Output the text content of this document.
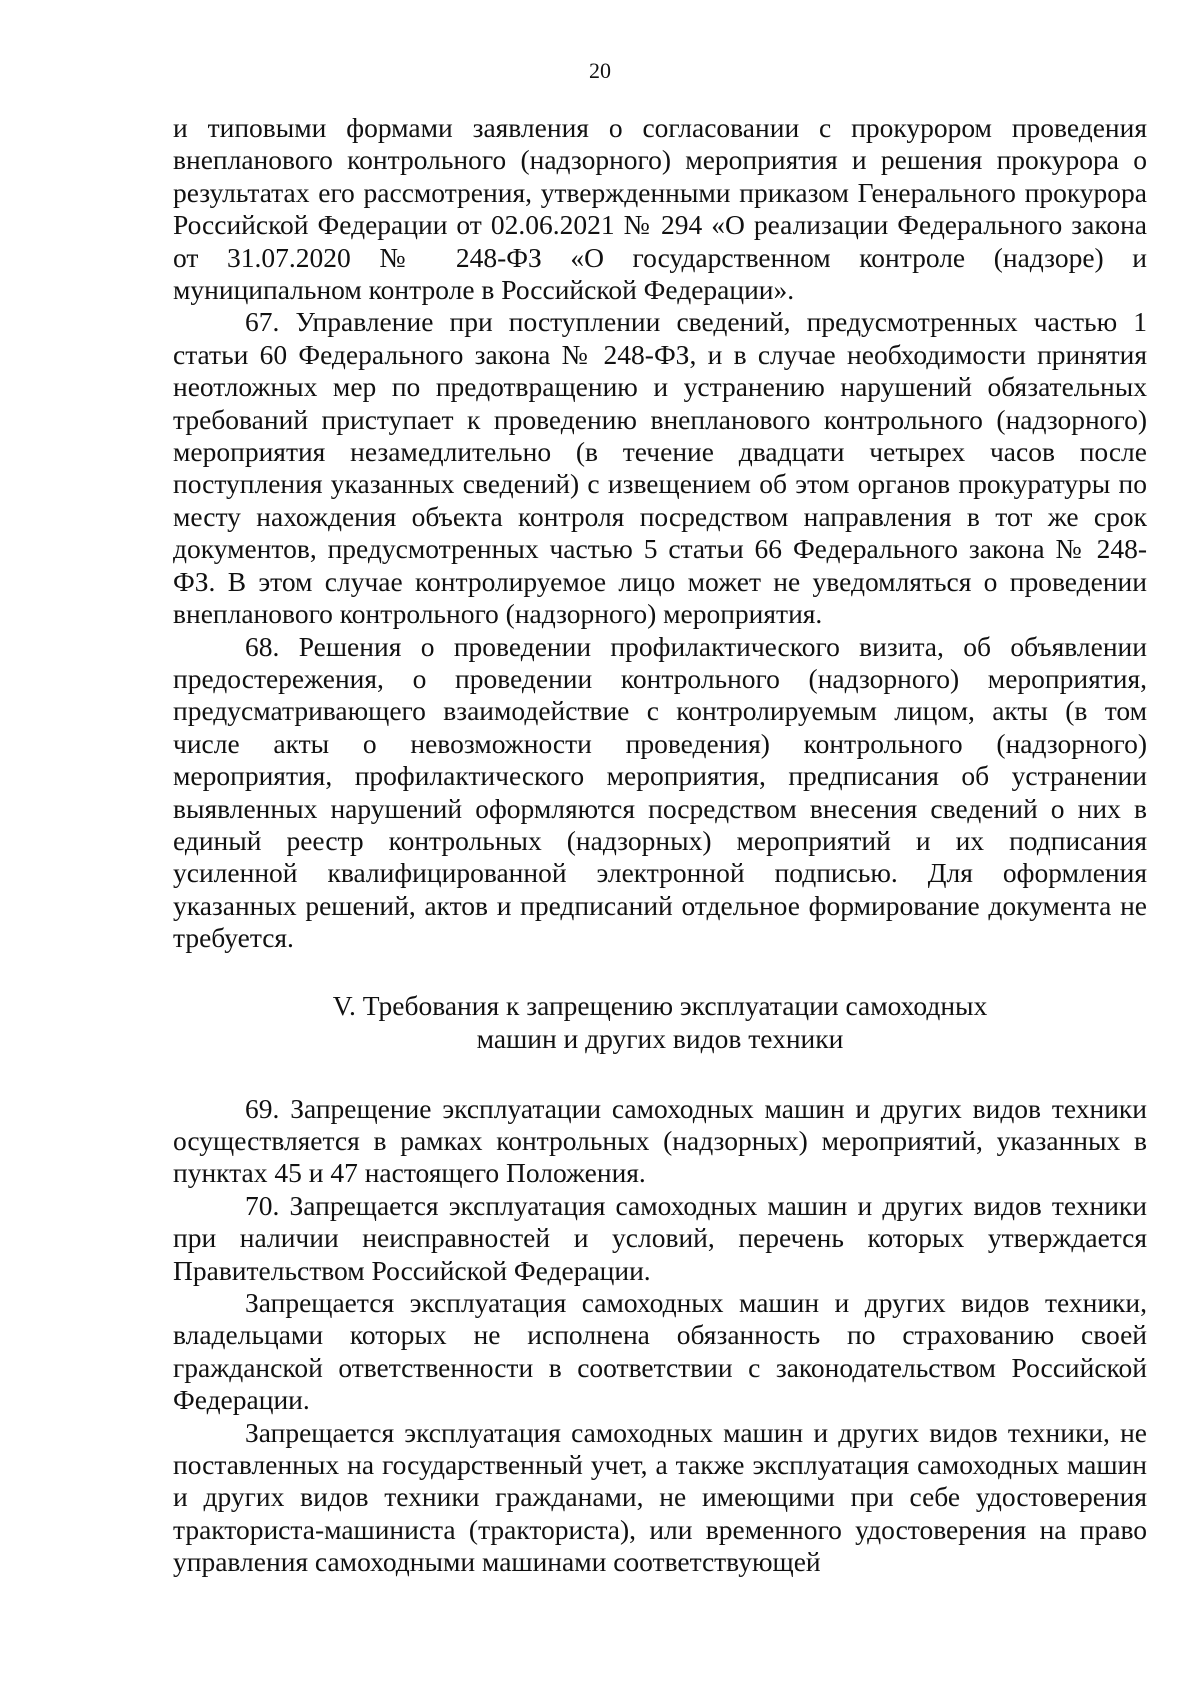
20

и типовыми формами заявления о согласовании с прокурором проведения внепланового контрольного (надзорного) мероприятия и решения прокурора о результатах его рассмотрения, утвержденными приказом Генерального прокурора Российской Федерации от 02.06.2021 № 294 «О реализации Федерального закона от 31.07.2020 № 248-ФЗ «О государственном контроле (надзоре) и муниципальном контроле в Российской Федерации».

67. Управление при поступлении сведений, предусмотренных частью 1 статьи 60 Федерального закона № 248-ФЗ, и в случае необходимости принятия неотложных мер по предотвращению и устранению нарушений обязательных требований приступает к проведению внепланового контрольного (надзорного) мероприятия незамедлительно (в течение двадцати четырех часов после поступления указанных сведений) с извещением об этом органов прокуратуры по месту нахождения объекта контроля посредством направления в тот же срок документов, предусмотренных частью 5 статьи 66 Федерального закона № 248-ФЗ. В этом случае контролируемое лицо может не уведомляться о проведении внепланового контрольного (надзорного) мероприятия.

68. Решения о проведении профилактического визита, об объявлении предостережения, о проведении контрольного (надзорного) мероприятия, предусматривающего взаимодействие с контролируемым лицом, акты (в том числе акты о невозможности проведения) контрольного (надзорного) мероприятия, профилактического мероприятия, предписания об устранении выявленных нарушений оформляются посредством внесения сведений о них в единый реестр контрольных (надзорных) мероприятий и их подписания усиленной квалифицированной электронной подписью. Для оформления указанных решений, актов и предписаний отдельное формирование документа не требуется.

V. Требования к запрещению эксплуатации самоходных
машин и других видов техники

69. Запрещение эксплуатации самоходных машин и других видов техники осуществляется в рамках контрольных (надзорных) мероприятий, указанных в пунктах 45 и 47 настоящего Положения.

70. Запрещается эксплуатация самоходных машин и других видов техники при наличии неисправностей и условий, перечень которых утверждается Правительством Российской Федерации.

Запрещается эксплуатация самоходных машин и других видов техники, владельцами которых не исполнена обязанность по страхованию своей гражданской ответственности в соответствии с законодательством Российской Федерации.

Запрещается эксплуатация самоходных машин и других видов техники, не поставленных на государственный учет, а также эксплуатация самоходных машин и других видов техники гражданами, не имеющими при себе удостоверения тракториста-машиниста (тракториста), или временного удостоверения на право управления самоходными машинами соответствующей
